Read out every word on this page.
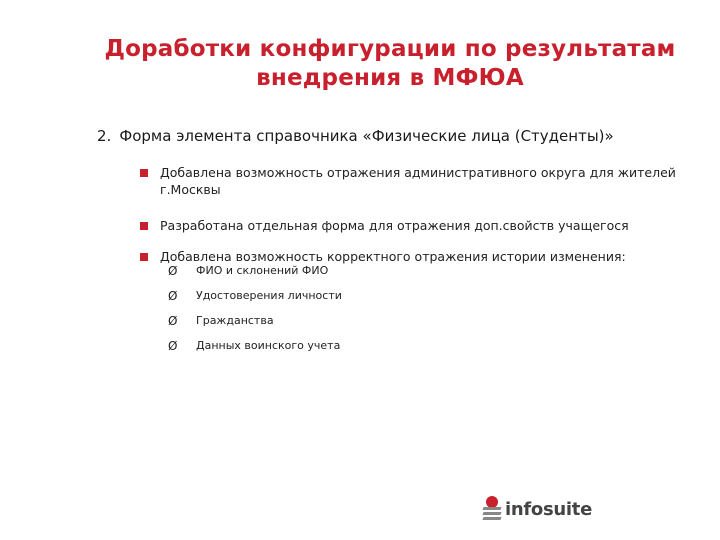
Доработки конфигурации по результатам
внедрения в МФЮА
2. Форма элемента справочника «Физические лица (Студенты)»
Добавлена возможность отражения административного округа для жителей г.Москвы
Разработана отдельная форма для отражения доп.свойств учащегося
Добавлена возможность корректного отражения истории изменения:
Ø ФИО и склонений ФИО
Ø Удостоверения личности
Ø Гражданства
Ø Данных воинского учета
infosuite
